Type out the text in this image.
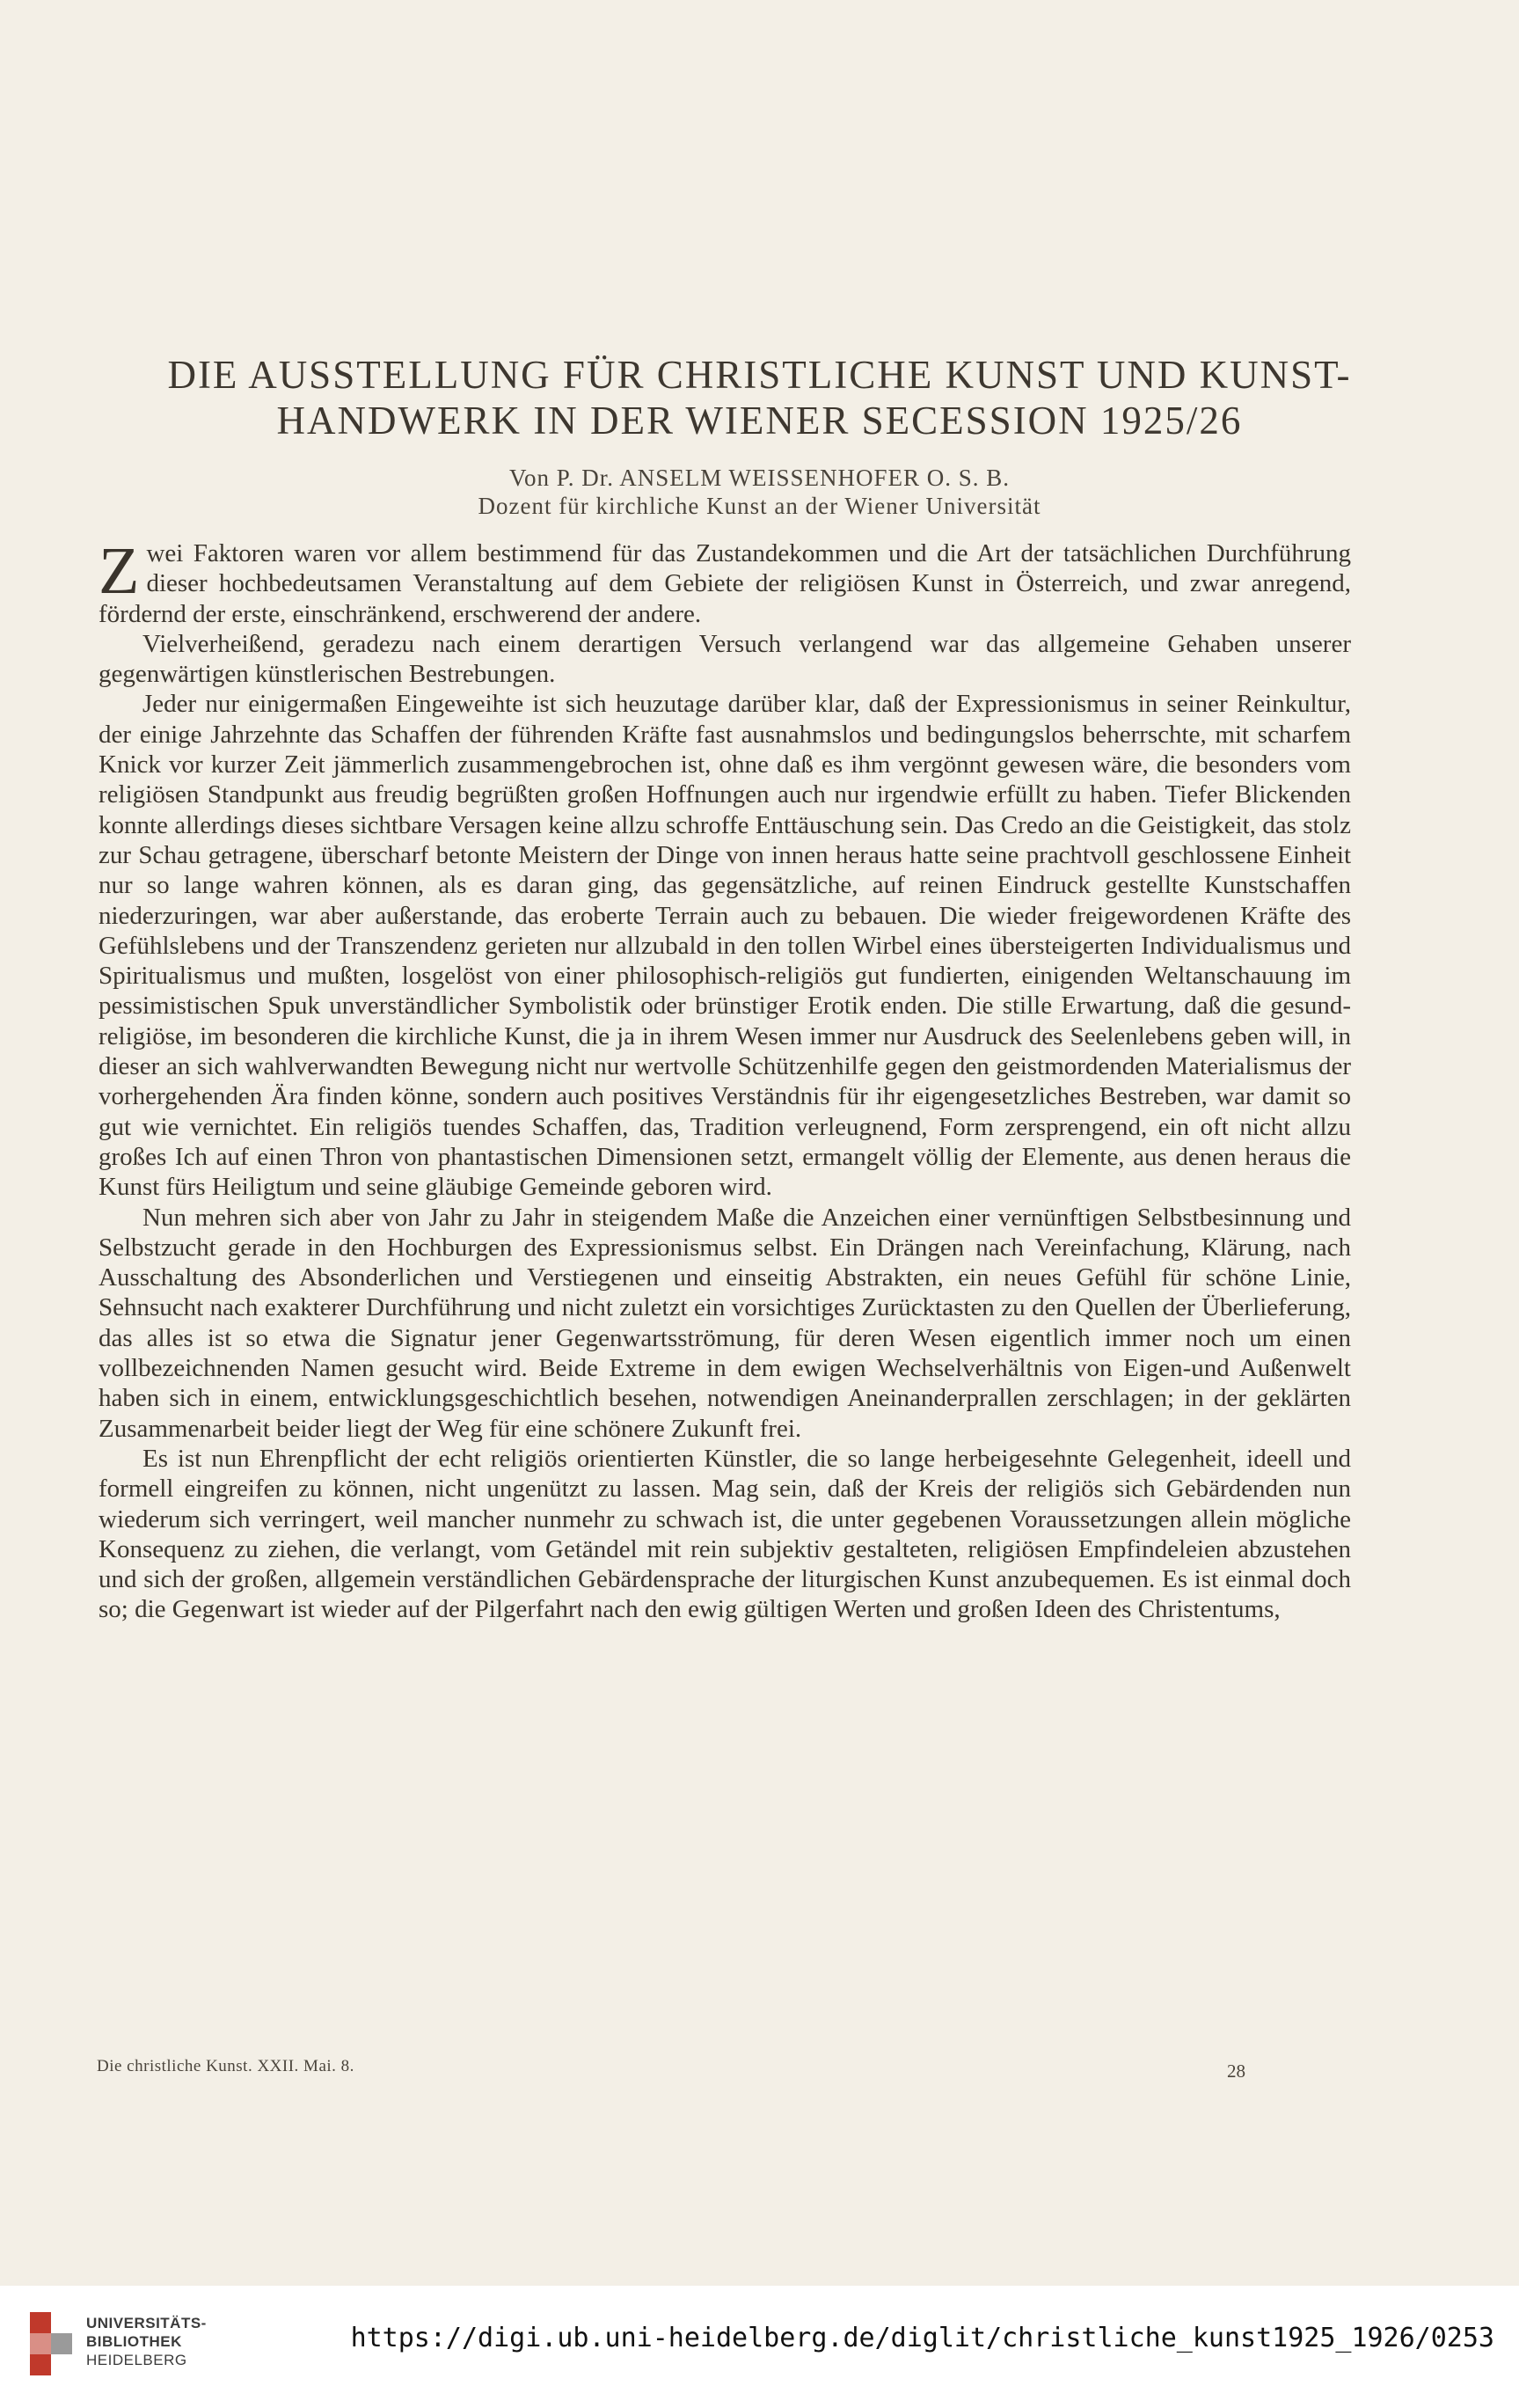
DIE AUSSTELLUNG FÜR CHRISTLICHE KUNST UND KUNST-
HANDWERK IN DER WIENER SECESSION 1925/26
Von P. Dr. ANSELM WEISSENHOFER O. S. B.
Dozent für kirchliche Kunst an der Wiener Universität

Zwei Faktoren waren vor allem bestimmend für das Zustandekommen und die Art der tatsächlichen Durchführung dieser hochbedeutsamen Veranstaltung auf dem Gebiete der religiösen Kunst in Österreich, und zwar anregend, fördernd der erste, einschränkend, erschwerend der andere.

Vielverheißend, geradezu nach einem derartigen Versuch verlangend war das allgemeine Gehaben unserer gegenwärtigen künstlerischen Bestrebungen.

Jeder nur einigermaßen Eingeweihte ist sich heuzutage darüber klar, daß der Expressionismus in seiner Reinkultur, der einige Jahrzehnte das Schaffen der führenden Kräfte fast ausnahmslos und bedingungslos beherrschte, mit scharfem Knick vor kurzer Zeit jämmerlich zusammengebrochen ist, ohne daß es ihm vergönnt gewesen wäre, die besonders vom religiösen Standpunkt aus freudig begrüßten großen Hoffnungen auch nur irgendwie erfüllt zu haben. Tiefer Blickenden konnte allerdings dieses sichtbare Versagen keine allzu schroffe Enttäuschung sein. Das Credo an die Geistigkeit, das stolz zur Schau getragene, überscharf betonte Meistern der Dinge von innen heraus hatte seine prachtvoll geschlossene Einheit nur so lange wahren können, als es daran ging, das gegensätzliche, auf reinen Eindruck gestellte Kunstschaffen niederzuringen, war aber außerstande, das eroberte Terrain auch zu bebauen. Die wieder freigewordenen Kräfte des Gefühlslebens und der Transzendenz gerieten nur allzubald in den tollen Wirbel eines übersteigerten Individualismus und Spiritualismus und mußten, losgelöst von einer philosophisch-religiös gut fundierten, einigenden Weltanschauung im pessimistischen Spuk unverständlicher Symbolistik oder brünstiger Erotik enden. Die stille Erwartung, daß die gesund-religiöse, im besonderen die kirchliche Kunst, die ja in ihrem Wesen immer nur Ausdruck des Seelenlebens geben will, in dieser an sich wahlverwandten Bewegung nicht nur wertvolle Schützenhilfe gegen den geistmordenden Materialismus der vorhergehenden Ära finden könne, sondern auch positives Verständnis für ihr eigengesetzliches Bestreben, war damit so gut wie vernichtet. Ein religiös tuendes Schaffen, das, Tradition verleugnend, Form zersprengend, ein oft nicht allzu großes Ich auf einen Thron von phantastischen Dimensionen setzt, ermangelt völlig der Elemente, aus denen heraus die Kunst fürs Heiligtum und seine gläubige Gemeinde geboren wird.

Nun mehren sich aber von Jahr zu Jahr in steigendem Maße die Anzeichen einer vernünftigen Selbstbesinnung und Selbstzucht gerade in den Hochburgen des Expressionismus selbst. Ein Drängen nach Vereinfachung, Klärung, nach Ausschaltung des Absonderlichen und Verstiegenen und einseitig Abstrakten, ein neues Gefühl für schöne Linie, Sehnsucht nach exakterer Durchführung und nicht zuletzt ein vorsichtiges Zurücktasten zu den Quellen der Überlieferung, das alles ist so etwa die Signatur jener Gegenwartsströmung, für deren Wesen eigentlich immer noch um einen vollbezeichnenden Namen gesucht wird. Beide Extreme in dem ewigen Wechselverhältnis von Eigen-und Außenwelt haben sich in einem, entwicklungsgeschichtlich besehen, notwendigen Aneinanderprallen zerschlagen; in der geklärten Zusammenarbeit beider liegt der Weg für eine schönere Zukunft frei.

Es ist nun Ehrenpflicht der echt religiös orientierten Künstler, die so lange herbeigesehnte Gelegenheit, ideell und formell eingreifen zu können, nicht ungenützt zu lassen. Mag sein, daß der Kreis der religiös sich Gebärdenden nun wiederum sich verringert, weil mancher nunmehr zu schwach ist, die unter gegebenen Voraussetzungen allein mögliche Konsequenz zu ziehen, die verlangt, vom Getändel mit rein subjektiv gestalteten, religiösen Empfindeleien abzustehen und sich der großen, allgemein verständlichen Gebärdensprache der liturgischen Kunst anzubequemen. Es ist einmal doch so; die Gegenwart ist wieder auf der Pilgerfahrt nach den ewig gültigen Werten und großen Ideen des Christentums,

Die christliche Kunst. XXII. Mai. 8.	28
UNIVERSITÄTS-
BIBLIOTHEK
HEIDELBERG
https://digi.ub.uni-heidelberg.de/diglit/christliche_kunst1925_1926/0253
